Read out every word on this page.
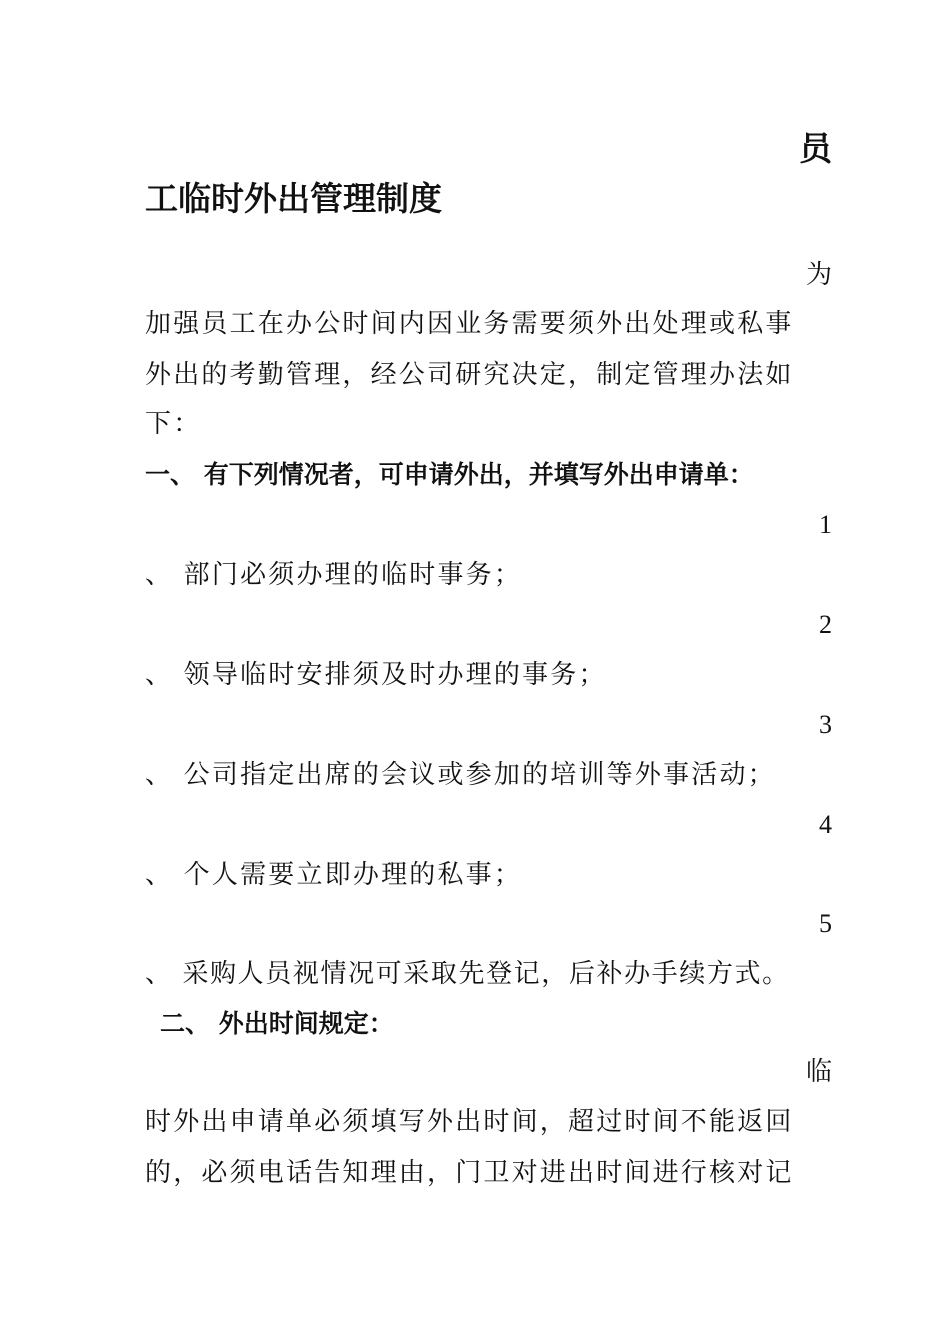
员
工临时外出管理制度
为
加强员工在办公时间内因业务需要须外出处理或私事
外出的考勤管理，经公司研究决定，制定管理办法如
下：
一、 有下列情况者，可申请外出，并填写外出申请单：
1
、 部门必须办理的临时事务；
2
、 领导临时安排须及时办理的事务；
3
、 公司指定出席的会议或参加的培训等外事活动；
4
、 个人需要立即办理的私事；
5
、 采购人员视情况可采取先登记，后补办手续方式。
二、 外出时间规定：
临
时外出申请单必须填写外出时间，超过时间不能返回
的，必须电话告知理由，门卫对进出时间进行核对记
